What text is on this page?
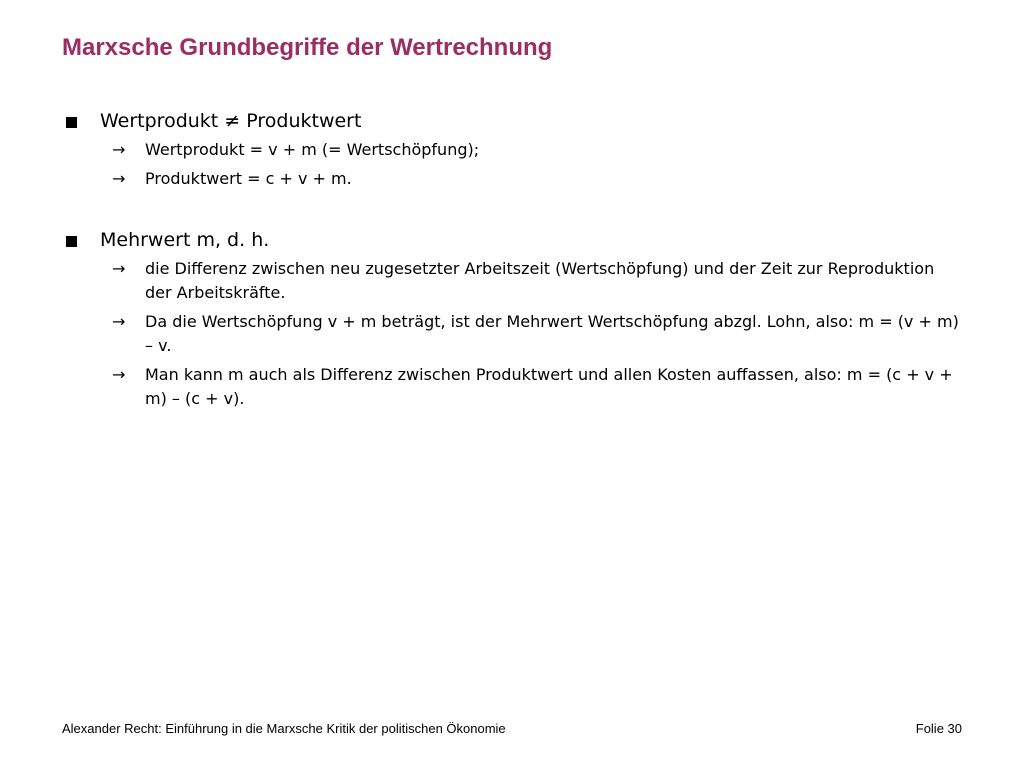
Marxsche Grundbegriffe der Wertrechnung
Wertprodukt ≠ Produktwert
→ Wertprodukt = v + m (= Wertschöpfung);
→ Produktwert = c + v + m.
Mehrwert m, d. h.
→ die Differenz zwischen neu zugesetzter Arbeitszeit (Wertschöpfung) und der Zeit zur Reproduktion der Arbeitskräfte.
→ Da die Wertschöpfung v + m beträgt, ist der Mehrwert Wertschöpfung abzgl. Lohn, also: m = (v + m) – v.
→ Man kann m auch als Differenz zwischen Produktwert und allen Kosten auffassen, also: m = (c + v + m) – (c + v).
Alexander Recht: Einführung in die Marxsche Kritik der politischen Ökonomie	Folie 30
